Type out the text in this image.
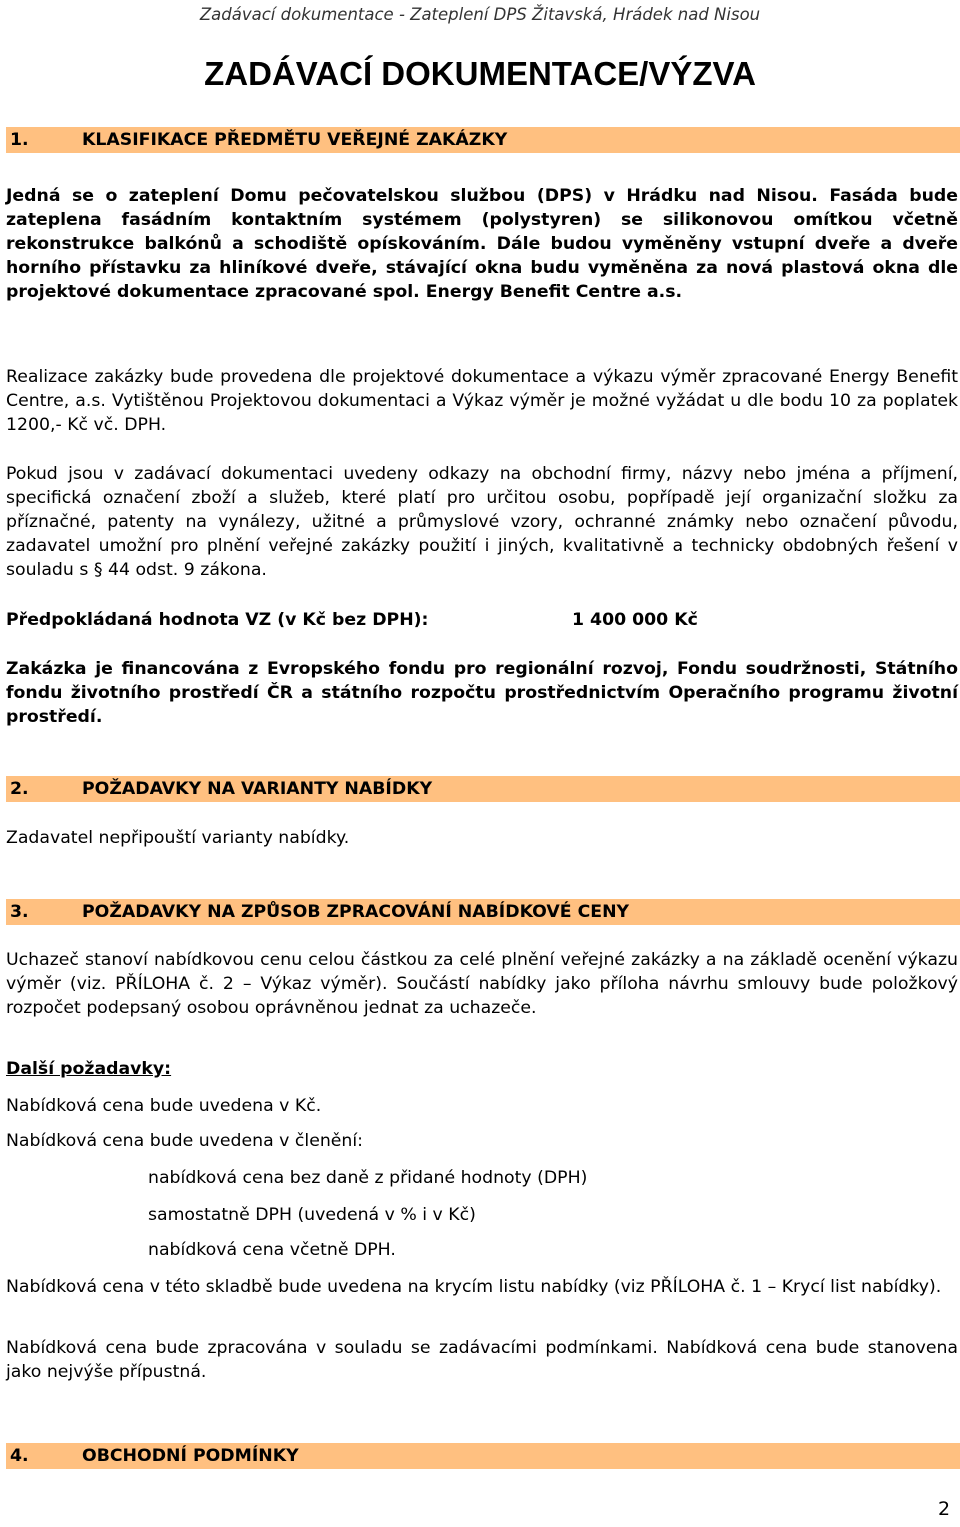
Zadávací dokumentace - Zateplení DPS Žitavská, Hrádek nad Nisou
ZADÁVACÍ DOKUMENTACE/VÝZVA
1.	KLASIFIKACE PŘEDMĚTU VEŘEJNÉ ZAKÁZKY

Jedná se o zateplení Domu pečovatelskou službou (DPS) v Hrádku nad Nisou. Fasáda bude zateplena fasádním kontaktním systémem (polystyren) se silikonovou omítkou včetně rekonstrukce balkónů a schodiště opískováním. Dále budou vyměněny vstupní dveře a dveře horního přístavku za hliníkové dveře, stávající okna budu vyměněna za nová plastová okna dle projektové dokumentace zpracované spol. Energy Benefit Centre a.s.

Realizace zakázky bude provedena dle projektové dokumentace a výkazu výměr zpracované Energy Benefit Centre, a.s. Vytištěnou Projektovou dokumentaci a Výkaz výměr je možné vyžádat u dle bodu 10 za poplatek 1200,- Kč vč. DPH.

Pokud jsou v zadávací dokumentaci uvedeny odkazy na obchodní firmy, názvy nebo jména a příjmení, specifická označení zboží a služeb, které platí pro určitou osobu, popřípadě její organizační složku za příznačné, patenty na vynálezy, užitné a průmyslové vzory, ochranné známky nebo označení původu, zadavatel umožní pro plnění veřejné zakázky použití i jiných, kvalitativně a technicky obdobných řešení v souladu s § 44 odst. 9 zákona.

Předpokládaná hodnota VZ (v Kč bez DPH):	1 400 000 Kč

Zakázka je financována z Evropského fondu pro regionální rozvoj, Fondu soudržnosti, Státního fondu životního prostředí ČR a státního rozpočtu prostřednictvím Operačního programu životní prostředí.

2.	POŽADAVKY NA VARIANTY NABÍDKY

Zadavatel nepřipouští varianty nabídky.

3.	POŽADAVKY NA ZPŮSOB ZPRACOVÁNÍ NABÍDKOVÉ CENY

Uchazeč stanoví nabídkovou cenu celou částkou za celé plnění veřejné zakázky a na základě ocenění výkazu výměr (viz. PŘÍLOHA č. 2 – Výkaz výměr). Součástí nabídky jako příloha návrhu smlouvy bude položkový rozpočet podepsaný osobou oprávněnou jednat za uchazeče.

Další požadavky:
Nabídková cena bude uvedena v Kč.
Nabídková cena bude uvedena v členění:
nabídková cena bez daně z přidané hodnoty (DPH)
samostatně DPH (uvedená v % i v Kč)
nabídková cena včetně DPH.

Nabídková cena v této skladbě bude uvedena na krycím listu nabídky (viz PŘÍLOHA č. 1 – Krycí list nabídky).

Nabídková cena bude zpracována v souladu se zadávacími podmínkami. Nabídková cena bude stanovena jako nejvýše přípustná.

4.	OBCHODNÍ PODMÍNKY
2
